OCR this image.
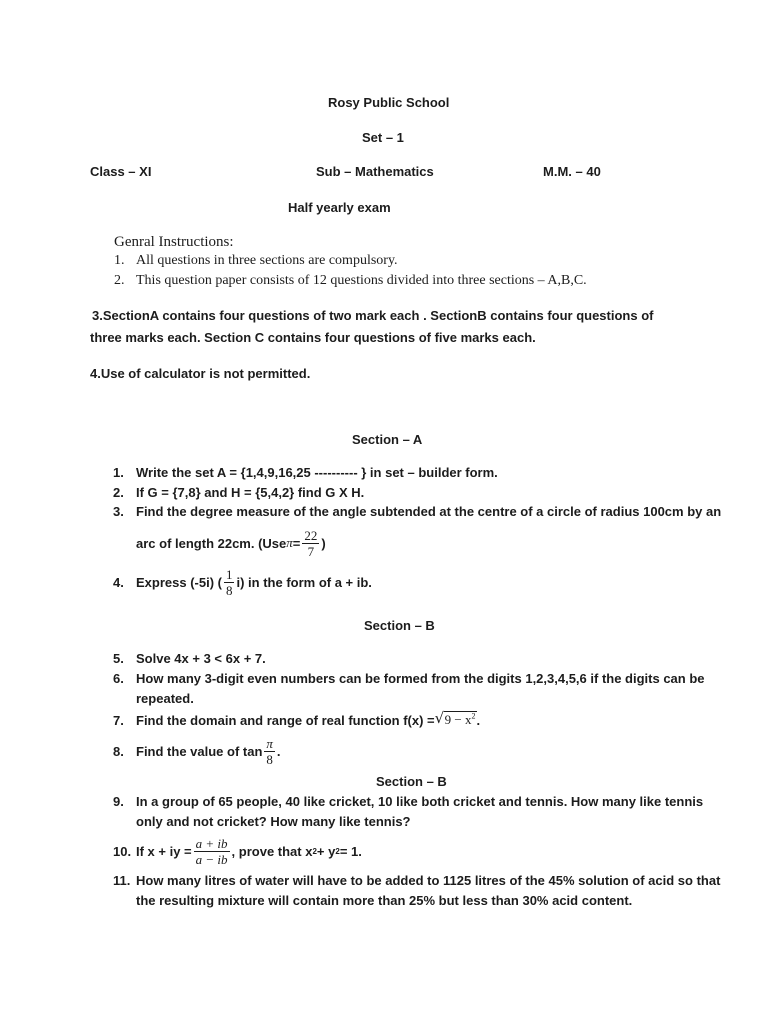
Rosy Public School
Set – 1
Class – XI	Sub – Mathematics	M.M. – 40
Half yearly exam
Genral Instructions:
1. All questions in three sections are compulsory.
2. This question paper consists of 12 questions divided into three sections – A,B,C.
3.SectionA contains four questions of two mark each . SectionB contains four questions of
three marks each. Section C contains four questions of five marks each.
4.Use of calculator is not permitted.
Section – A
1. Write the set A = {1,4,9,16,25 ---------- } in set – builder form.
2. If G = {7,8} and H = {5,4,2} find G X H.
3. Find the degree measure of the angle subtended at the centre of a circle of radius 100cm by an
arc of length 22cm. (Use $\pi = \frac{22}{7}$ )
4. Express (-5i) ( $\frac{1}{8} i$) in the form of a + ib.
Section – B
5. Solve 4x + 3 < 6x + 7.
6. How many 3-digit even numbers can be formed from the digits 1,2,3,4,5,6 if the digits can be
repeated.
7. Find the domain and range of real function f(x) = √ $9 - x^2$ .
8. Find the value of $\tan \frac{\pi}{8}$ .
Section – B
9. In a group of 65 people, 40 like cricket, 10 like both cricket and tennis. How many like tennis
only and not cricket? How many like tennis?
10. If x + iy = $\frac{a + ib}{a - ib}$ , prove that x 2 + y 2 = 1.
11. How many litres of water will have to be added to 1125 litres of the 45% solution of acid so that
the resulting mixture will contain more than 25% but less than 30% acid content.
